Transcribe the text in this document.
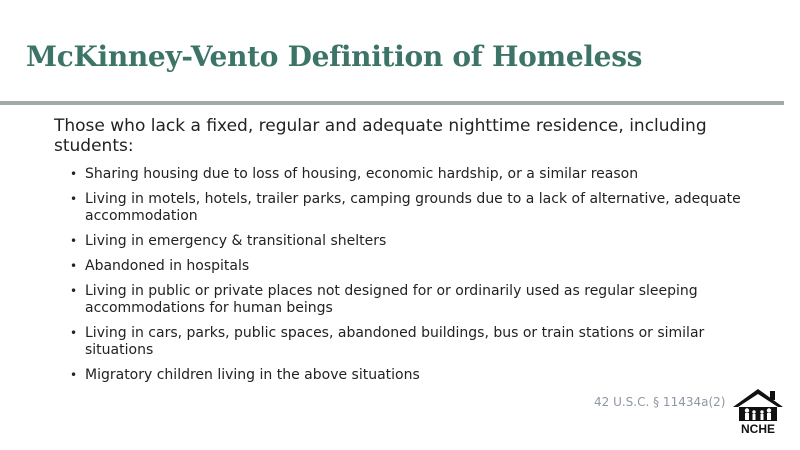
McKinney-Vento Definition of Homeless

Those who lack a fixed, regular and adequate nighttime residence, including students:

• Sharing housing due to loss of housing, economic hardship, or a similar reason
• Living in motels, hotels, trailer parks, camping grounds due to a lack of alternative, adequate accommodation
• Living in emergency & transitional shelters
• Abandoned in hospitals
• Living in public or private places not designed for or ordinarily used as regular sleeping accommodations for human beings
• Living in cars, parks, public spaces, abandoned buildings, bus or train stations or similar situations
• Migratory children living in the above situations

42 U.S.C. § 11434a(2)

NCHE
